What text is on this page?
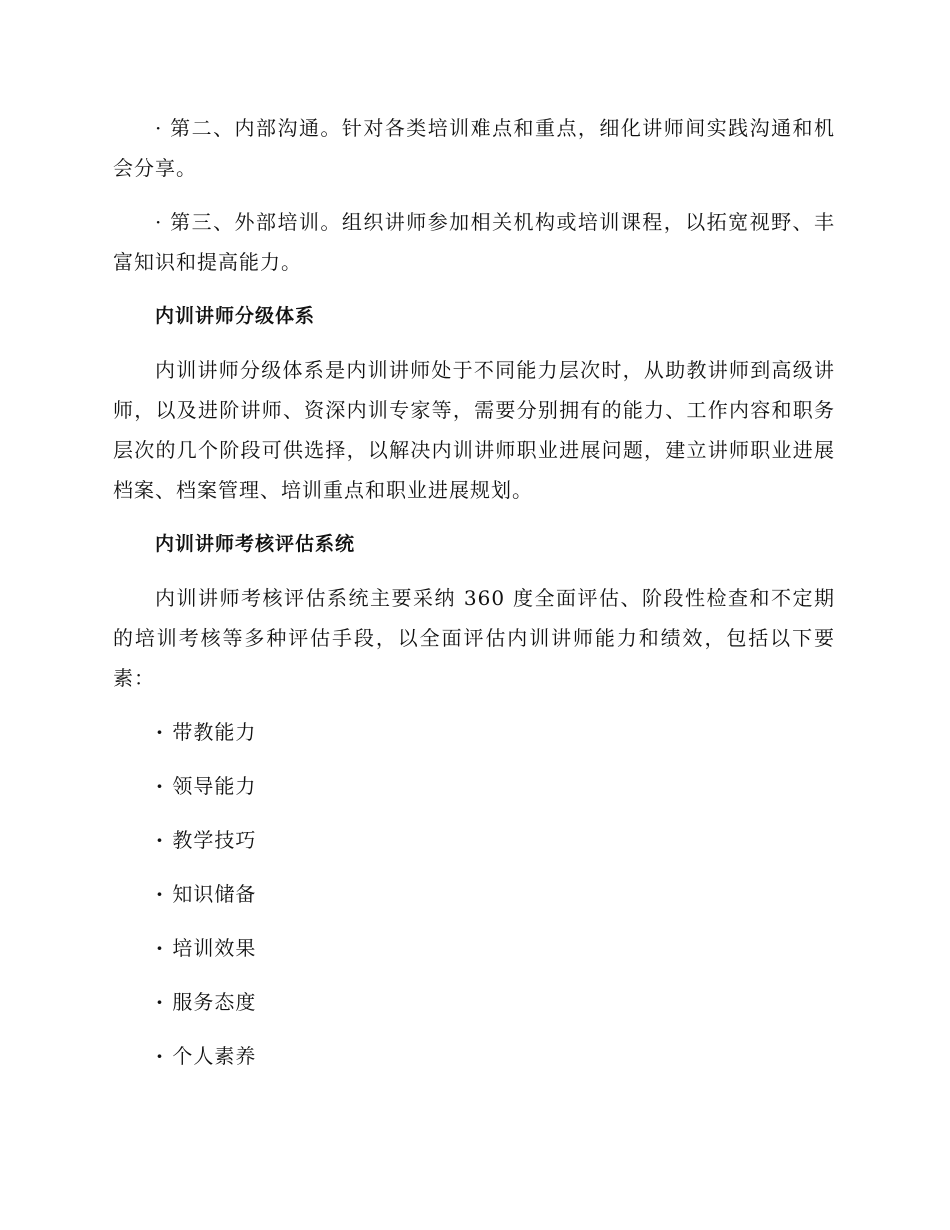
· 第二、内部沟通。针对各类培训难点和重点，细化讲师间实践沟通和机会分享。

· 第三、外部培训。组织讲师参加相关机构或培训课程，以拓宽视野、丰富知识和提高能力。

内训讲师分级体系

内训讲师分级体系是内训讲师处于不同能力层次时，从助教讲师到高级讲师，以及进阶讲师、资深内训专家等，需要分别拥有的能力、工作内容和职务层次的几个阶段可供选择，以解决内训讲师职业进展问题，建立讲师职业进展档案、档案管理、培训重点和职业进展规划。

内训讲师考核评估系统

内训讲师考核评估系统主要采纳 360 度全面评估、阶段性检查和不定期的培训考核等多种评估手段，以全面评估内训讲师能力和绩效，包括以下要素：

· 带教能力
· 领导能力
· 教学技巧
· 知识储备
· 培训效果
· 服务态度
· 个人素养
